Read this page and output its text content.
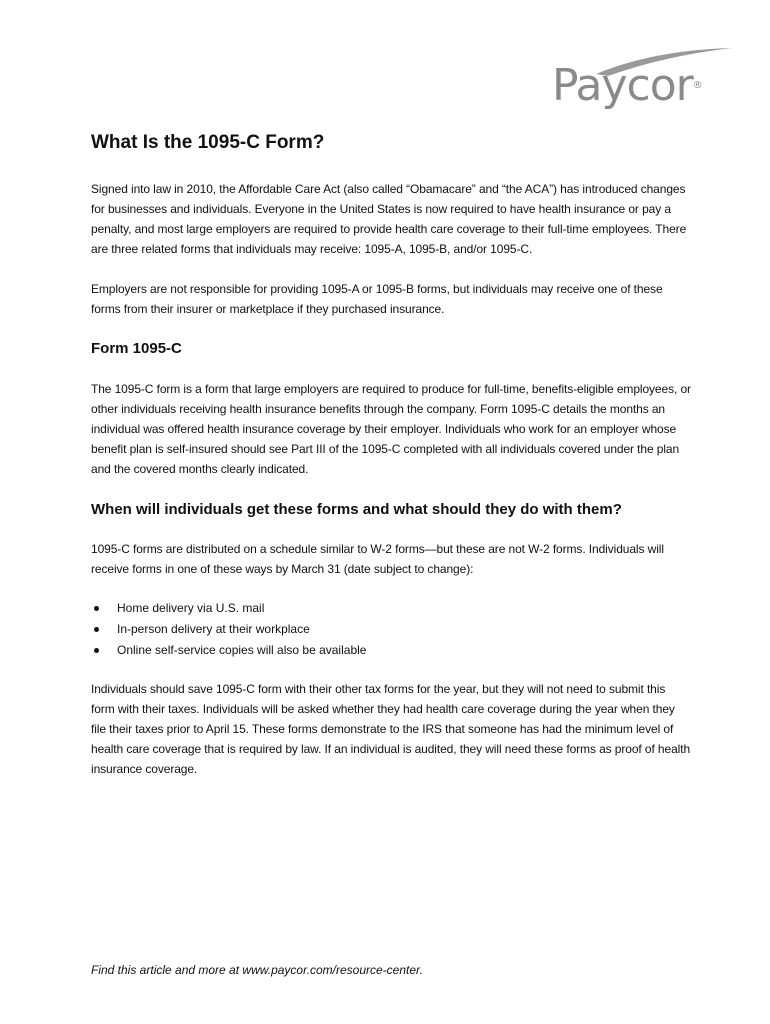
Paycor®
What Is the 1095-C Form?

Signed into law in 2010, the Affordable Care Act (also called “Obamacare” and “the ACA”) has introduced changes for businesses and individuals. Everyone in the United States is now required to have health insurance or pay a penalty, and most large employers are required to provide health care coverage to their full-time employees. There are three related forms that individuals may receive: 1095-A, 1095-B, and/or 1095-C.

Employers are not responsible for providing 1095-A or 1095-B forms, but individuals may receive one of these forms from their insurer or marketplace if they purchased insurance.

Form 1095-C

The 1095-C form is a form that large employers are required to produce for full-time, benefits-eligible employees, or other individuals receiving health insurance benefits through the company. Form 1095-C details the months an individual was offered health insurance coverage by their employer. Individuals who work for an employer whose benefit plan is self-insured should see Part III of the 1095-C completed with all individuals covered under the plan and the covered months clearly indicated.

When will individuals get these forms and what should they do with them?

1095-C forms are distributed on a schedule similar to W-2 forms—but these are not W-2 forms. Individuals will receive forms in one of these ways by March 31 (date subject to change):

Home delivery via U.S. mail
In-person delivery at their workplace
Online self-service copies will also be available

Individuals should save 1095-C form with their other tax forms for the year, but they will not need to submit this form with their taxes. Individuals will be asked whether they had health care coverage during the year when they file their taxes prior to April 15. These forms demonstrate to the IRS that someone has had the minimum level of health care coverage that is required by law. If an individual is audited, they will need these forms as proof of health insurance coverage.

Find this article and more at www.paycor.com/resource-center.
